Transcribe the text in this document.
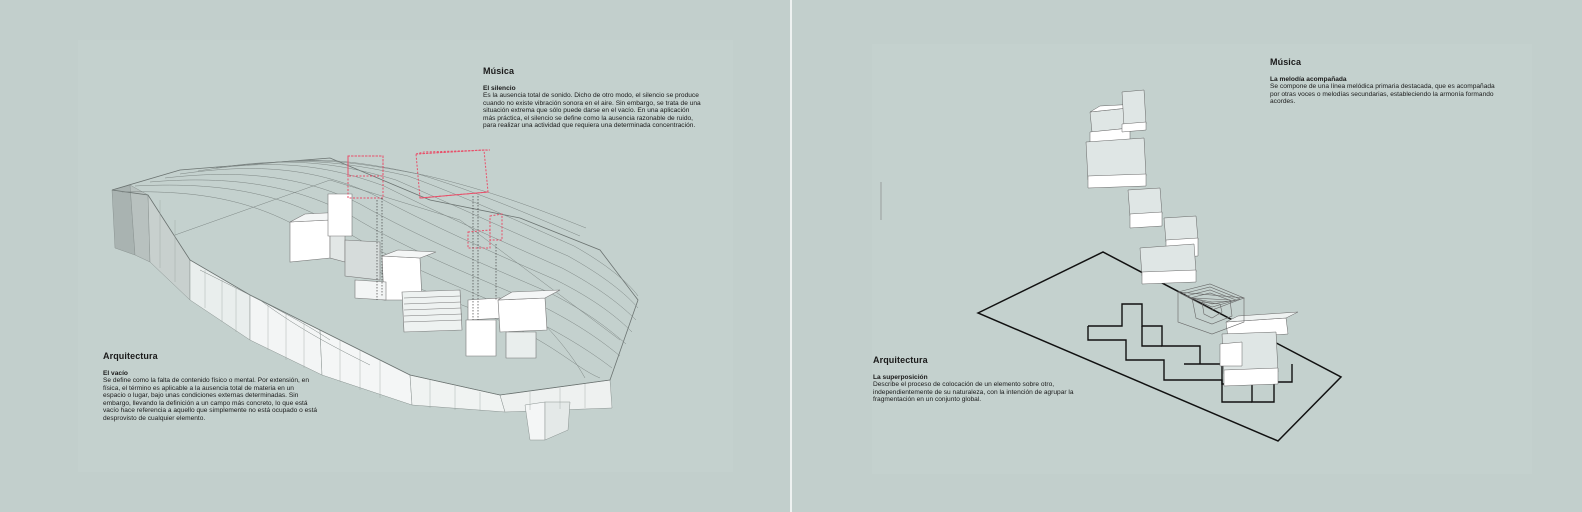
Música

El silencio

Es la ausencia total de sonido. Dicho de otro modo, el silencio se produce cuando no existe vibración sonora en el aire. Sin embargo, se trata de una situación extrema que sólo puede darse en el vacío. En una aplicación más práctica, el silencio se define como la ausencia razonable de ruido, para realizar una actividad que requiera una determinada concentración.

Arquitectura

El vacío

Se define como la falta de contenido físico o mental. Por extensión, en física, el término es aplicable a la ausencia total de materia en un espacio o lugar, bajo unas condiciones externas determinadas. Sin embargo, llevando la definición a un campo más concreto, lo que está vacío hace referencia a aquello que simplemente no está ocupado o está desprovisto de cualquier elemento.

Música

La melodía acompañada

Se compone de una línea melódica primaria destacada, que es acompañada por otras voces o melodías secundarias, estableciendo la armonía formando acordes.

Arquitectura

La superposición

Describe el proceso de colocación de un elemento sobre otro, independientemente de su naturaleza, con la intención de agrupar la fragmentación en un conjunto global.
